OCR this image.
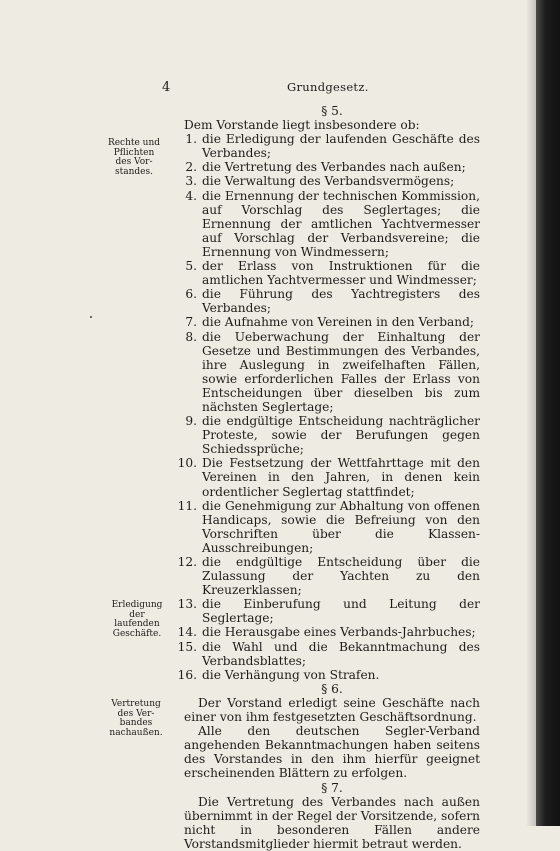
4	Grundgesetz.
Rechte und
Pflichten
des Vor-
standes.
Erledigung
der
laufenden
Geschäfte.
Vertretung
des Ver-
bandes
nachaußen.

§ 5.

Dem Vorstande liegt insbesondere ob:

1. die Erledigung der laufenden Geschäfte des Verbandes;
2. die Vertretung des Verbandes nach außen;
3. die Verwaltung des Verbandsvermögens;
4. die Ernennung der technischen Kommission, auf Vorschlag des Seglertages; die Ernennung der amtlichen Yachtvermesser auf Vorschlag der Verbandsvereine; die Ernennung von Windmessern;
5. der Erlass von Instruktionen für die amtlichen Yachtvermesser und Windmesser;
6. die Führung des Yachtregisters des Verbandes;
7. die Aufnahme von Vereinen in den Verband;
8. die Ueberwachung der Einhaltung der Gesetze und Bestimmungen des Verbandes, ihre Auslegung in zweifelhaften Fällen, sowie erforderlichen Falles der Erlass von Entscheidungen über dieselben bis zum nächsten Seglertage;
9. die endgültige Entscheidung nachträglicher Proteste, sowie der Berufungen gegen Schiedssprüche;
10. Die Festsetzung der Wettfahrttage mit den Vereinen in den Jahren, in denen kein ordentlicher Seglertag stattfindet;
11. die Genehmigung zur Abhaltung von offenen Handicaps, sowie die Befreiung von den Vorschriften über die Klassen-Ausschreibungen;
12. die endgültige Entscheidung über die Zulassung der Yachten zu den Kreuzerklassen;
13. die Einberufung und Leitung der Seglertage;
14. die Herausgabe eines Verbands-Jahrbuches;
15. die Wahl und die Bekanntmachung des Verbandsblattes;
16. die Verhängung von Strafen.

§ 6.

Der Vorstand erledigt seine Geschäfte nach einer von ihm festgesetzten Geschäftsordnung.

Alle den deutschen Segler-Verband angehenden Bekanntmachungen haben seitens des Vorstandes in den ihm hierfür geeignet erscheinenden Blättern zu erfolgen.

§ 7.

Die Vertretung des Verbandes nach außen übernimmt in der Regel der Vorsitzende, sofern nicht in besonderen Fällen andere Vorstandsmitglieder hiermit betraut werden.
